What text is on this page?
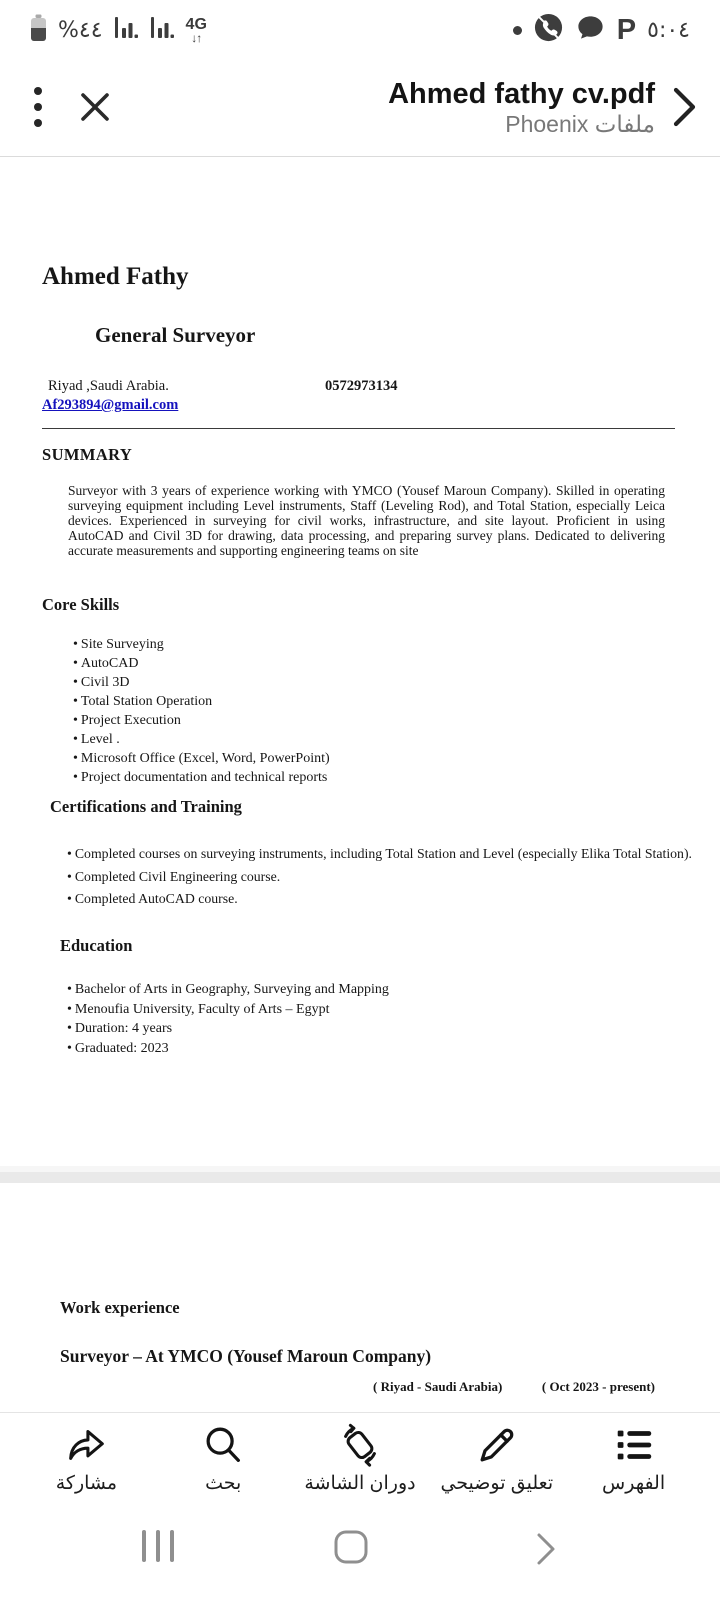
%٤٤	4G
↓↑	P ٥:٠٤
Ahmed fathy cv.pdf
ملفات Phoenix
Ahmed Fathy
General Surveyor
Riyad ,Saudi Arabia.	0572973134
Af293894@gmail.com
SUMMARY
Surveyor with 3 years of experience working with YMCO (Yousef Maroun Company). Skilled in operating surveying equipment including Level instruments, Staff (Leveling Rod), and Total Station, especially Leica devices. Experienced in surveying for civil works, infrastructure, and site layout. Proficient in using AutoCAD and Civil 3D for drawing, data processing, and preparing survey plans. Dedicated to delivering accurate measurements and supporting engineering teams on site
Core Skills
• Site Surveying
• AutoCAD
• Civil 3D
• Total Station Operation
• Project Execution
• Level .
• Microsoft Office (Excel, Word, PowerPoint)
• Project documentation and technical reports
Certifications and Training
• Completed courses on surveying instruments, including Total Station and Level (especially Elika Total Station).
• Completed Civil Engineering course.
• Completed AutoCAD course.
Education
• Bachelor of Arts in Geography, Surveying and Mapping
• Menoufia University, Faculty of Arts – Egypt
• Duration: 4 years
• Graduated: 2023
Work experience
Surveyor – At YMCO (Yousef Maroun Company)
( Riyad - Saudi Arabia)	( Oct 2023 - present)
مشاركة	بحث	دوران الشاشة تعليق توضيحي	الفهرس
